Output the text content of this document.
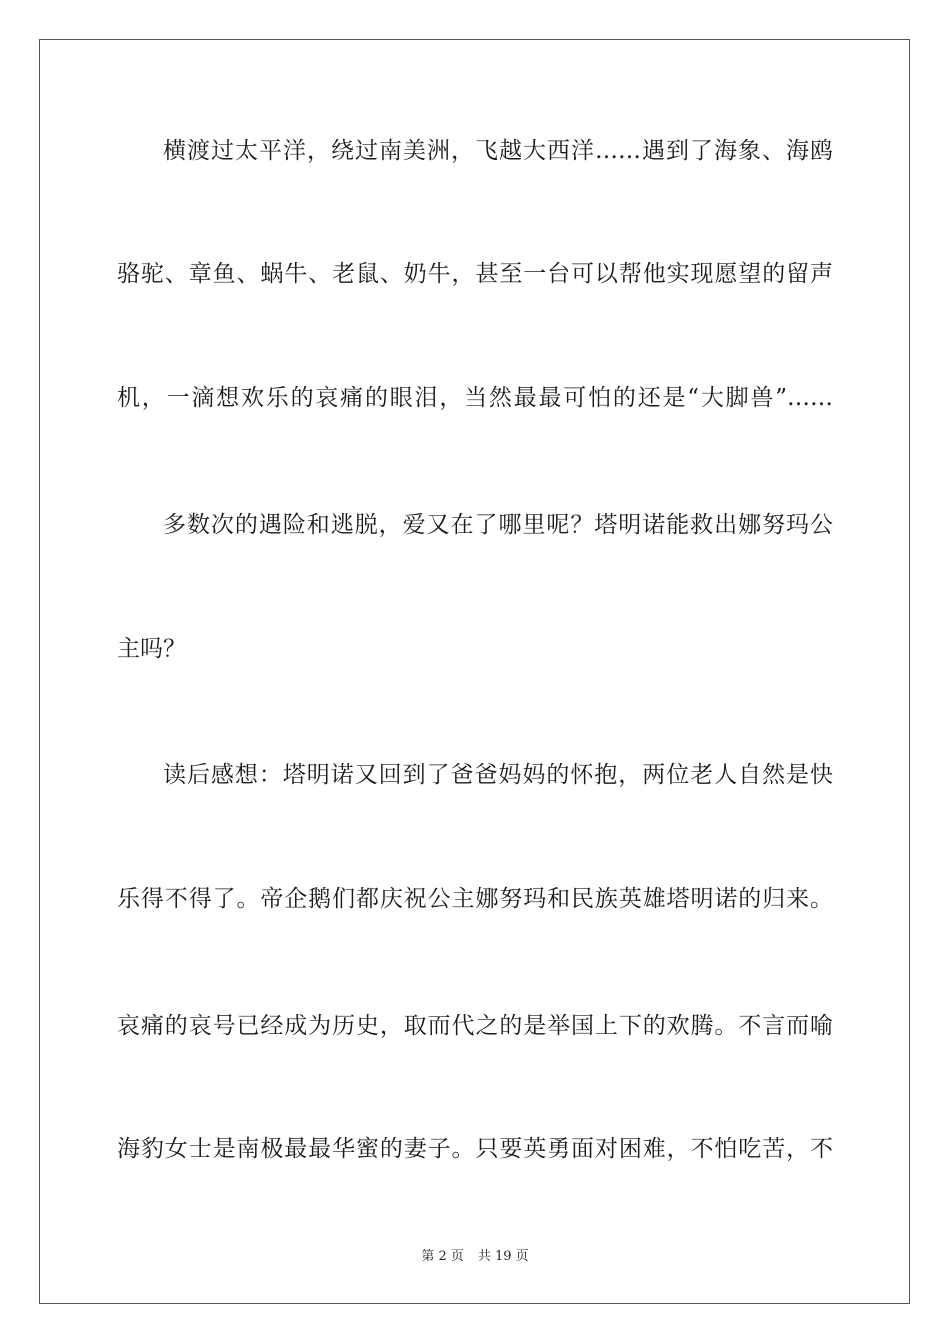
横渡过太平洋，绕过南美洲，飞越大西洋……遇到了海象、海鸥
骆驼、章鱼、蜗牛、老鼠、奶牛，甚至一台可以帮他实现愿望的留声
机，一滴想欢乐的哀痛的眼泪，当然最最可怕的还是“大脚兽”……
多数次的遇险和逃脱，爱又在了哪里呢？塔明诺能救出娜努玛公
主吗？
读后感想：塔明诺又回到了爸爸妈妈的怀抱，两位老人自然是快
乐得不得了。帝企鹅们都庆祝公主娜努玛和民族英雄塔明诺的归来。
哀痛的哀号已经成为历史，取而代之的是举国上下的欢腾。不言而喻
海豹女士是南极最最华蜜的妻子。只要英勇面对困难，不怕吃苦，不
第 2 页 共 19 页
